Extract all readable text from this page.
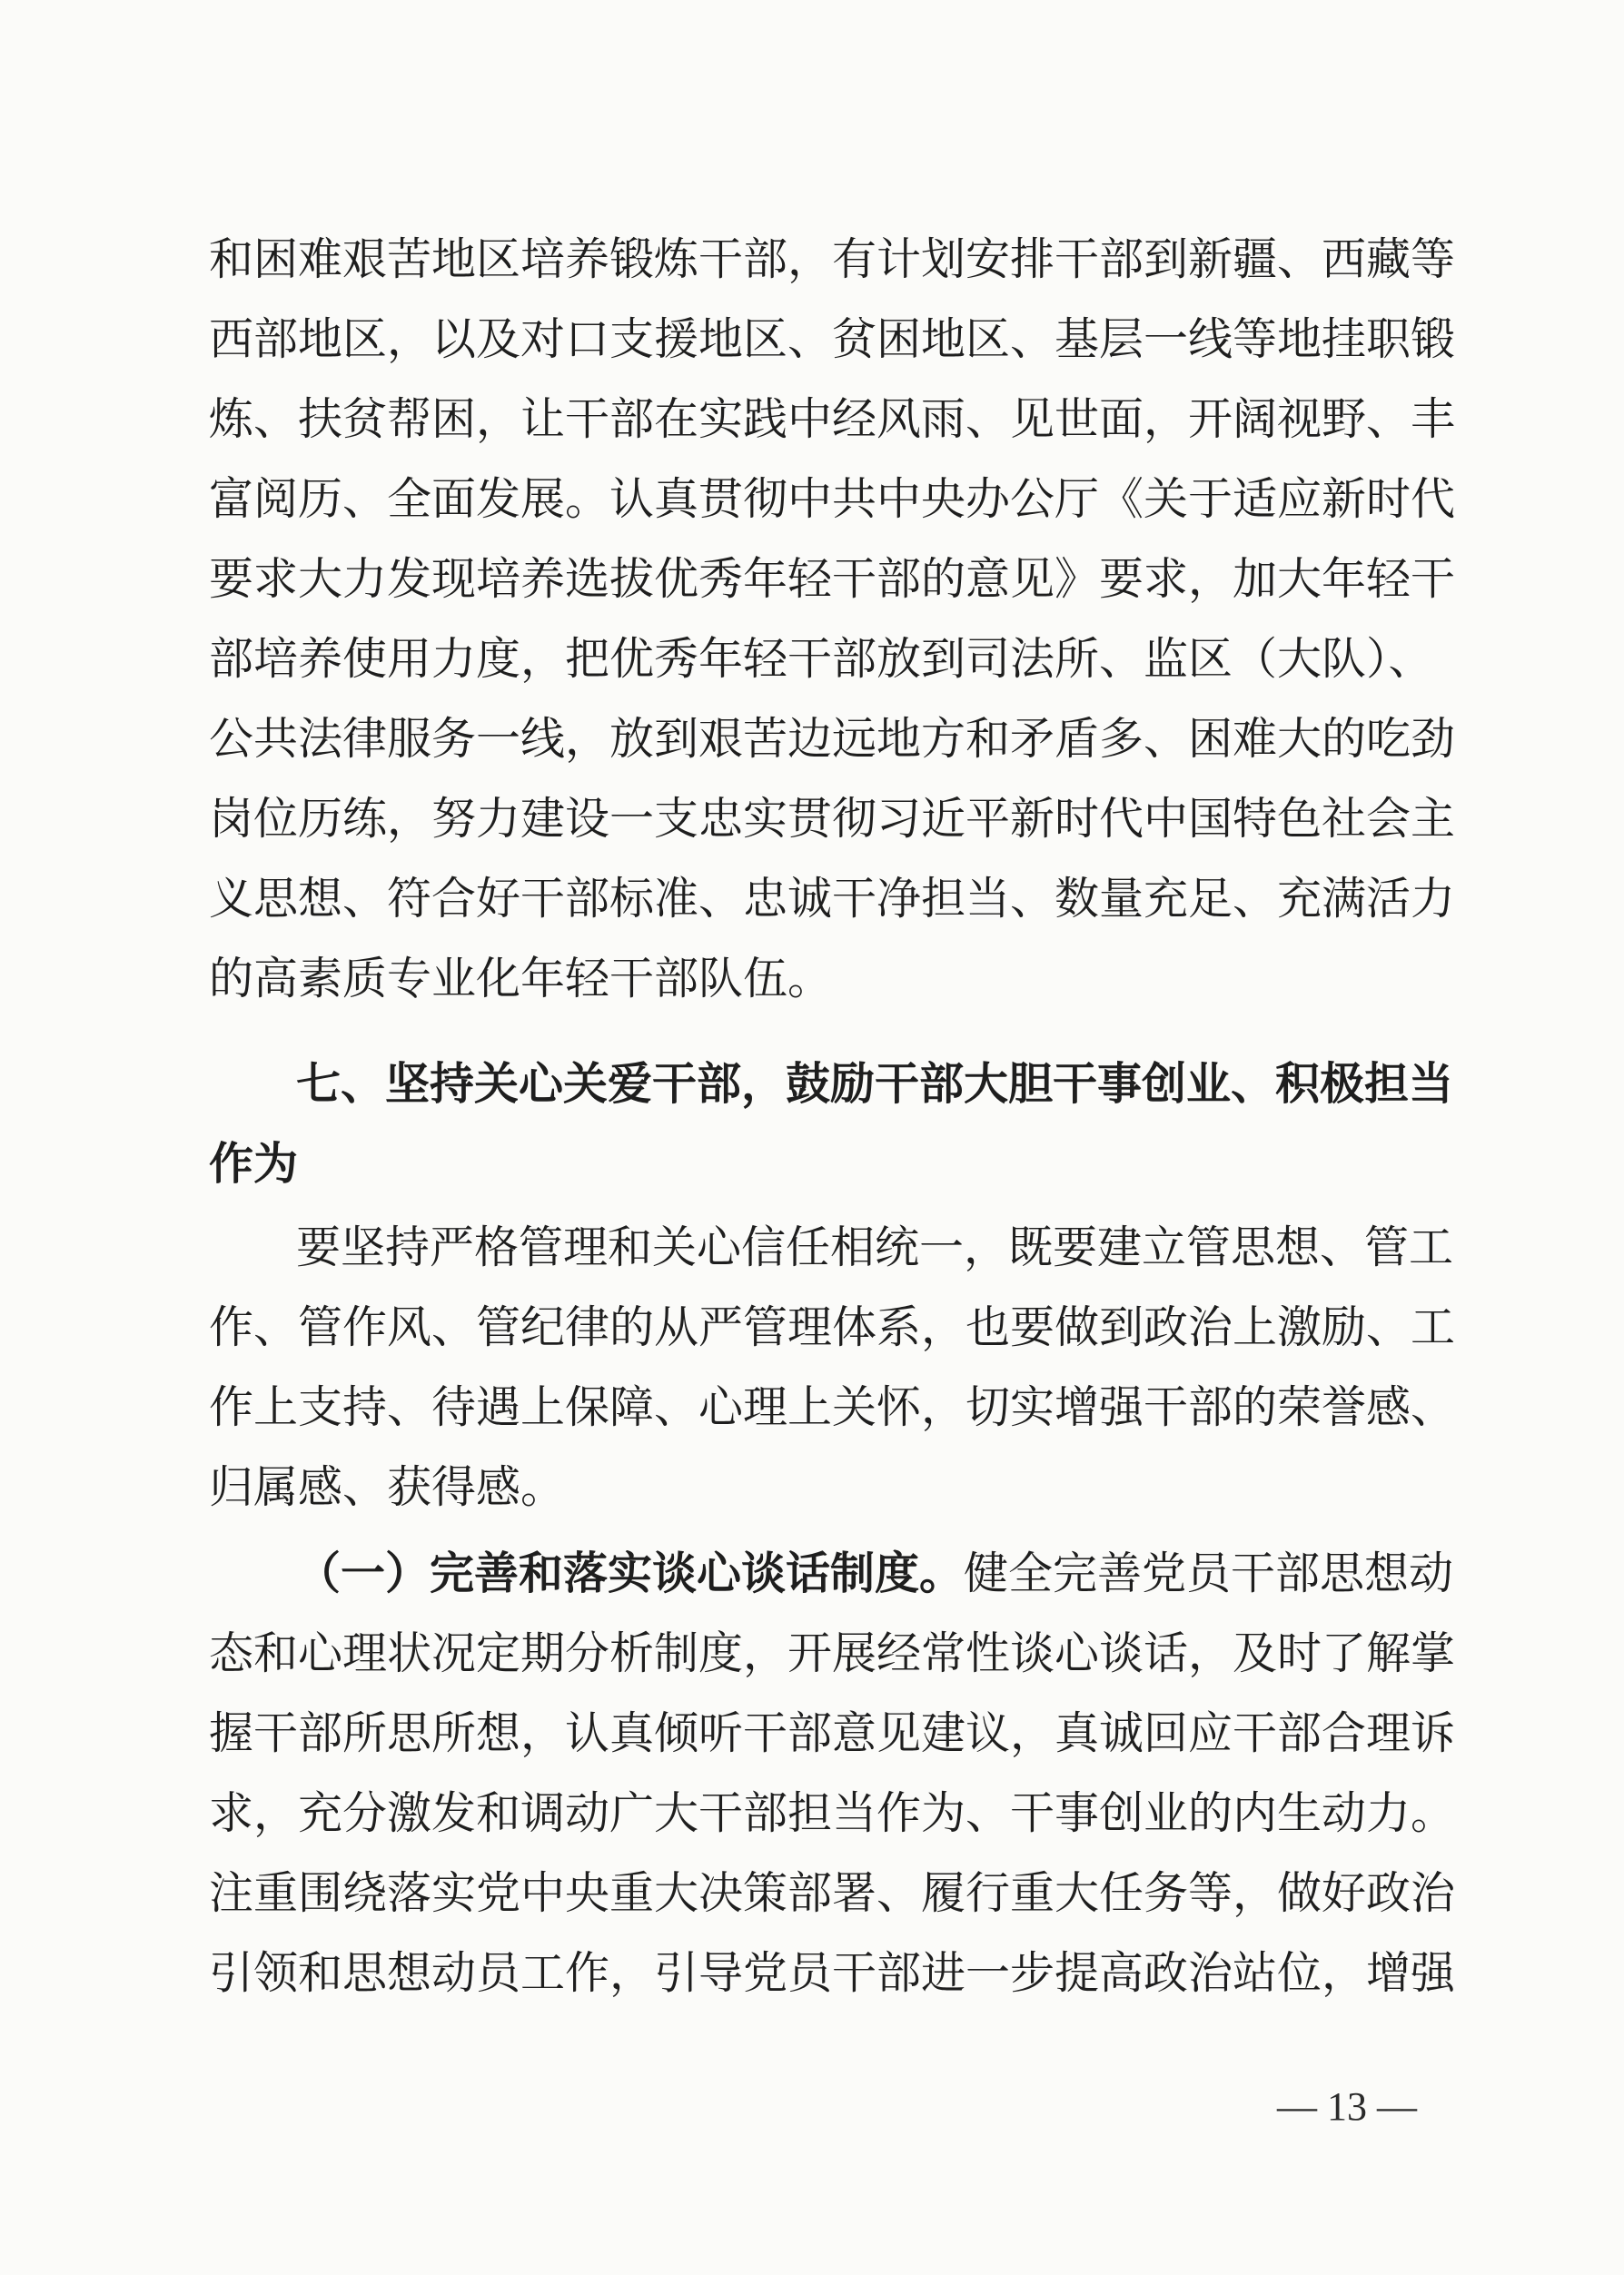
和困难艰苦地区培养锻炼干部，有计划安排干部到新疆、西藏等
西部地区，以及对口支援地区、贫困地区、基层一线等地挂职锻
炼、扶贫帮困，让干部在实践中经风雨、见世面，开阔视野、丰
富阅历、全面发展。认真贯彻中共中央办公厅《关于适应新时代
要求大力发现培养选拔优秀年轻干部的意见》要求，加大年轻干
部培养使用力度，把优秀年轻干部放到司法所、监区（大队）、
公共法律服务一线，放到艰苦边远地方和矛盾多、困难大的吃劲
岗位历练，努力建设一支忠实贯彻习近平新时代中国特色社会主
义思想、符合好干部标准、忠诚干净担当、数量充足、充满活力
的高素质专业化年轻干部队伍。
七、坚持关心关爱干部，鼓励干部大胆干事创业、积极担当
作为
要坚持严格管理和关心信任相统一，既要建立管思想、管工
作、管作风、管纪律的从严管理体系，也要做到政治上激励、工
作上支持、待遇上保障、心理上关怀，切实增强干部的荣誉感、
归属感、获得感。
（一）完善和落实谈心谈话制度。健全完善党员干部思想动
态和心理状况定期分析制度，开展经常性谈心谈话，及时了解掌
握干部所思所想，认真倾听干部意见建议，真诚回应干部合理诉
求，充分激发和调动广大干部担当作为、干事创业的内生动力。
注重围绕落实党中央重大决策部署、履行重大任务等，做好政治
引领和思想动员工作，引导党员干部进一步提高政治站位，增强
— 13 —
